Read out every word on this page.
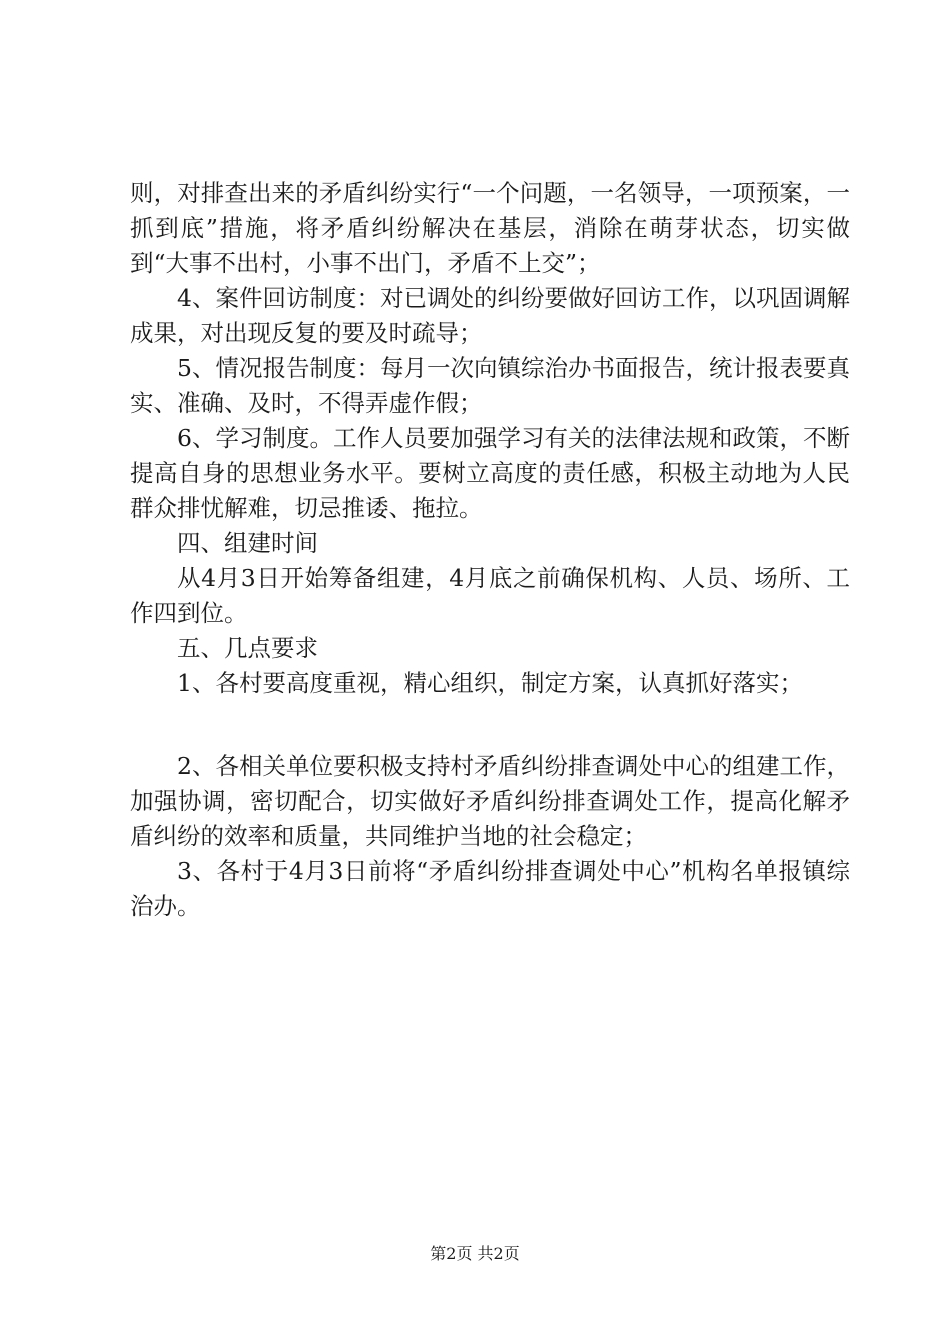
则，对排查出来的矛盾纠纷实行“一个问题，一名领导，一项预案，一抓到底”措施，将矛盾纠纷解决在基层，消除在萌芽状态，切实做到“大事不出村，小事不出门，矛盾不上交”；

4、案件回访制度：对已调处的纠纷要做好回访工作，以巩固调解成果，对出现反复的要及时疏导；

5、情况报告制度：每月一次向镇综治办书面报告，统计报表要真实、准确、及时，不得弄虚作假；

6、学习制度。工作人员要加强学习有关的法律法规和政策，不断提高自身的思想业务水平。要树立高度的责任感，积极主动地为人民群众排忧解难，切忌推诿、拖拉。

四、组建时间

从4月3日开始筹备组建，4月底之前确保机构、人员、场所、工作四到位。

五、几点要求

1、各村要高度重视，精心组织，制定方案，认真抓好落实；

2、各相关单位要积极支持村矛盾纠纷排查调处中心的组建工作，加强协调，密切配合，切实做好矛盾纠纷排查调处工作，提高化解矛盾纠纷的效率和质量，共同维护当地的社会稳定；

3、各村于4月3日前将“矛盾纠纷排查调处中心”机构名单报镇综治办。

第2页 共2页
